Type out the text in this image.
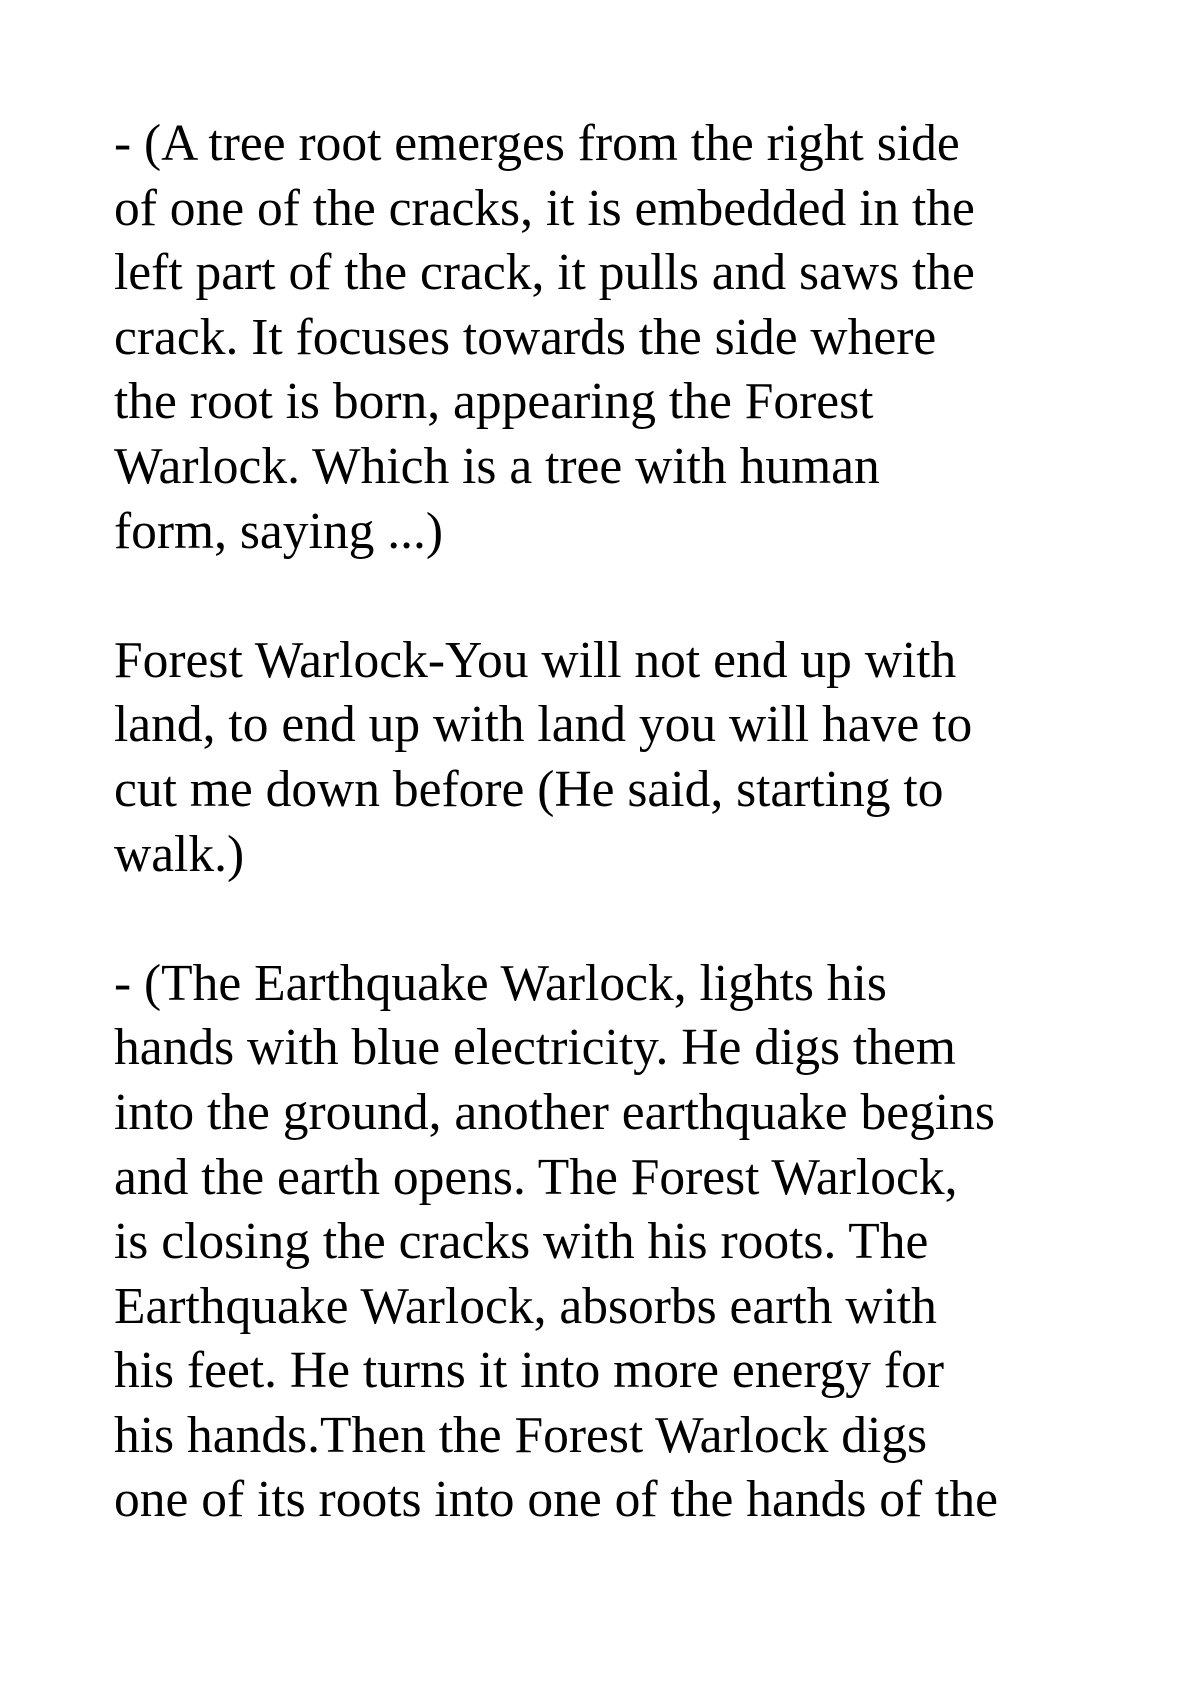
- (A tree root emerges from the right side
of one of the cracks, it is embedded in the
left part of the crack, it pulls and saws the
crack. It focuses towards the side where
the root is born, appearing the Forest
Warlock. Which is a tree with human
form, saying ...)
Forest Warlock-You will not end up with
land, to end up with land you will have to
cut me down before (He said, starting to
walk.)
- (The Earthquake Warlock, lights his
hands with blue electricity. He digs them
into the ground, another earthquake begins
and the earth opens. The Forest Warlock,
is closing the cracks with his roots. The
Earthquake Warlock, absorbs earth with
his feet. He turns it into more energy for
his hands.Then the Forest Warlock digs
one of its roots into one of the hands of the
